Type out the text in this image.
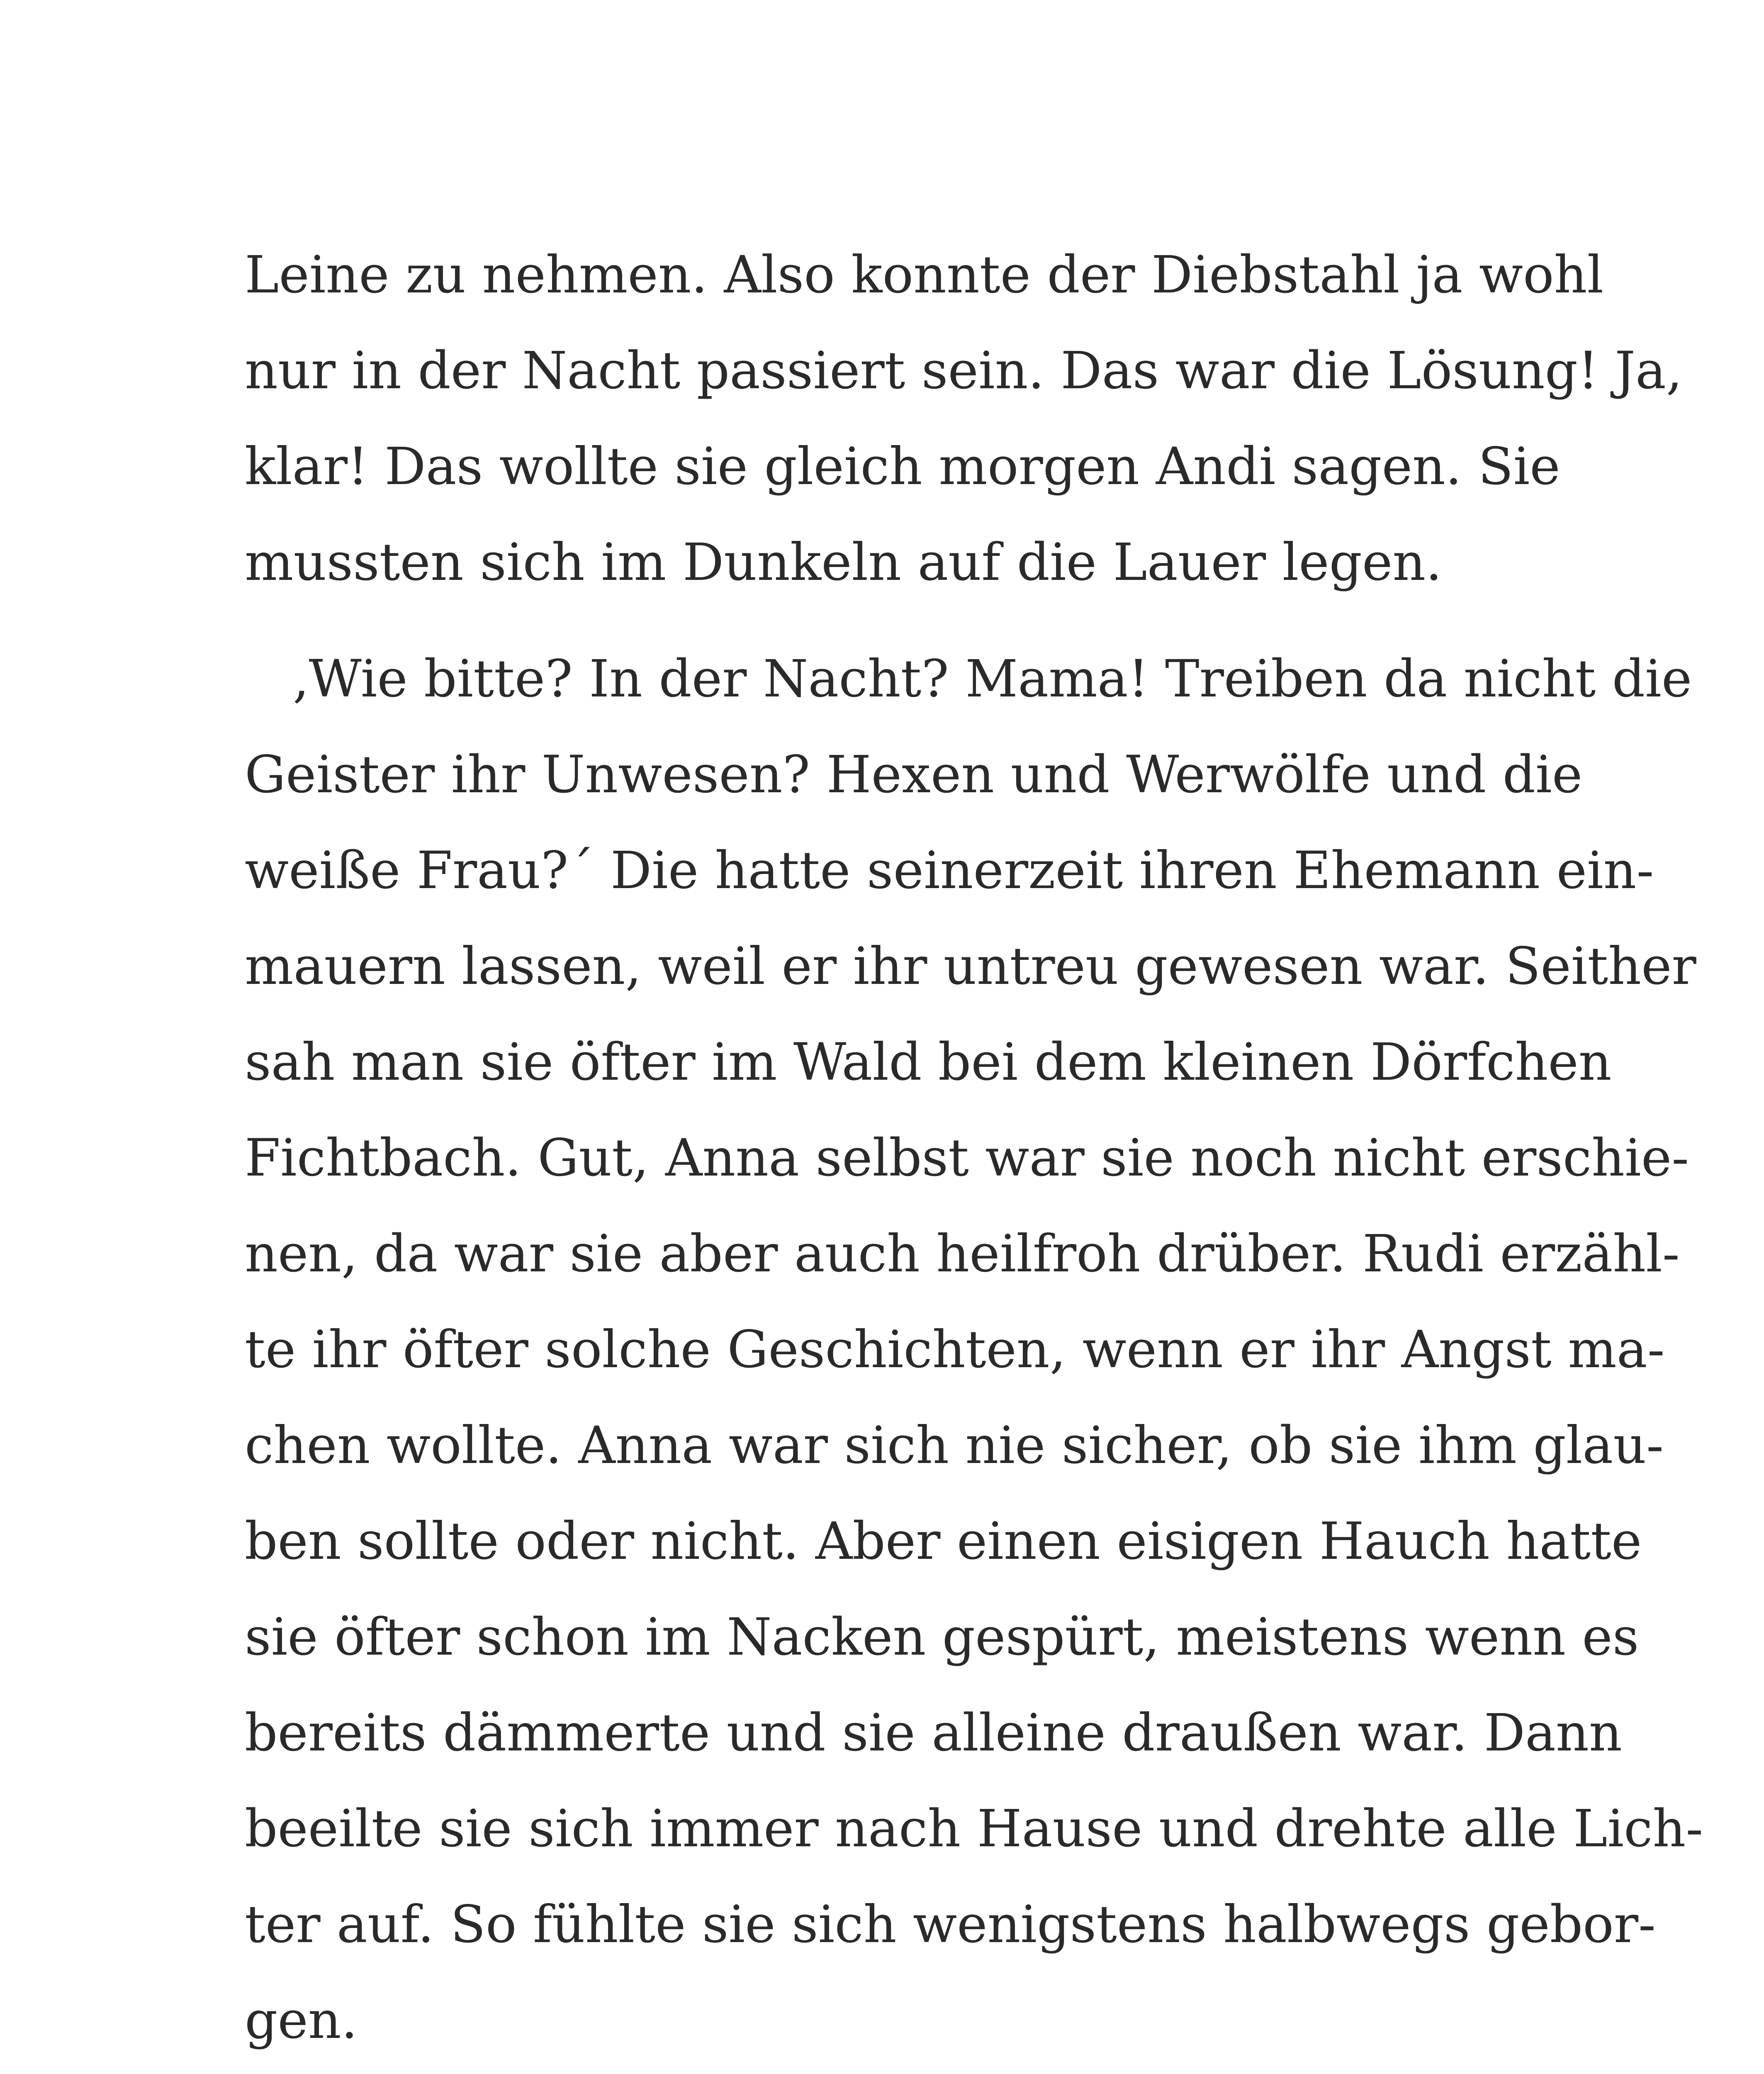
Leine zu nehmen. Also konnte der Diebstahl ja wohl
nur in der Nacht passiert sein. Das war die Lösung! Ja,
klar! Das wollte sie gleich morgen Andi sagen. Sie
mussten sich im Dunkeln auf die Lauer legen.
‚Wie bitte? In der Nacht? Mama! Treiben da nicht die
Geister ihr Unwesen? Hexen und Werwölfe und die
weiße Frau?´ Die hatte seinerzeit ihren Ehemann ein-
mauern lassen, weil er ihr untreu gewesen war. Seither
sah man sie öfter im Wald bei dem kleinen Dörfchen
Fichtbach. Gut, Anna selbst war sie noch nicht erschie-
nen, da war sie aber auch heilfroh drüber. Rudi erzähl-
te ihr öfter solche Geschichten, wenn er ihr Angst ma-
chen wollte. Anna war sich nie sicher, ob sie ihm glau-
ben sollte oder nicht. Aber einen eisigen Hauch hatte
sie öfter schon im Nacken gespürt, meistens wenn es
bereits dämmerte und sie alleine draußen war. Dann
beeilte sie sich immer nach Hause und drehte alle Lich-
ter auf. So fühlte sie sich wenigstens halbwegs gebor-
gen.
